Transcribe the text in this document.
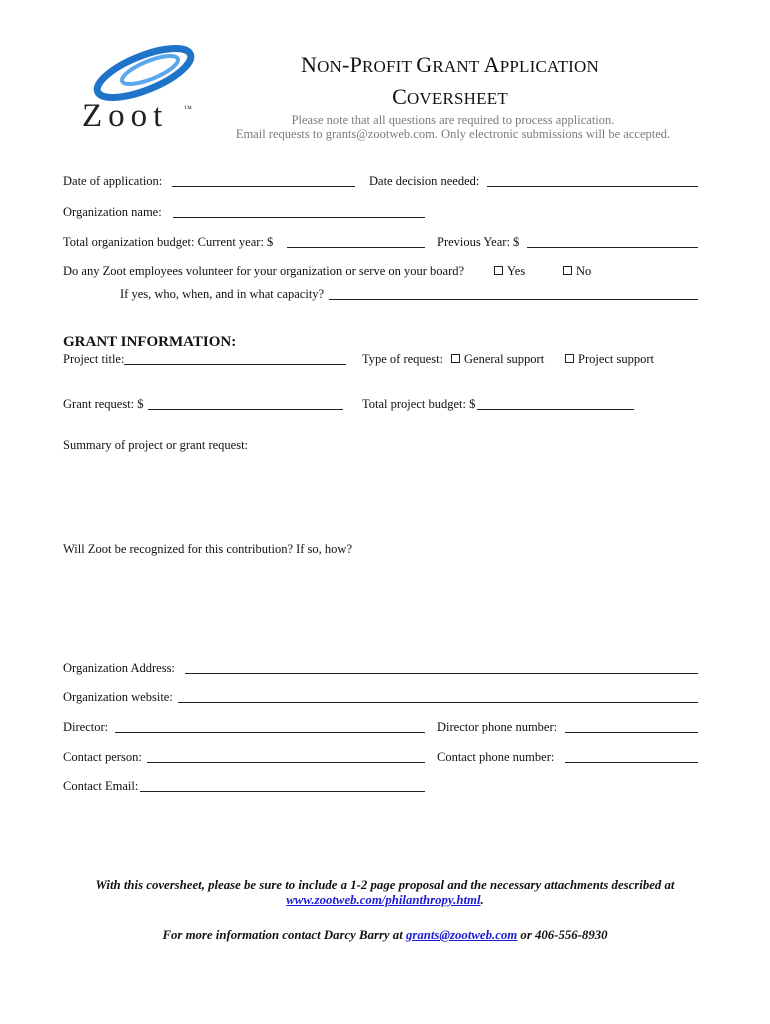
Zoot ™
NON-PROFIT GRANT APPLICATION
COVERSHEET
Please note that all questions are required to process application.
Email requests to grants@zootweb.com. Only electronic submissions will be accepted.
Date of application:	Date decision needed:
Organization name:
Total organization budget: Current year: $	Previous Year: $
Do any Zoot employees volunteer for your organization or serve on your board?	Yes	No
If yes, who, when, and in what capacity?
GRANT INFORMATION:
Project title:	Type of request:	General support	Project support
Grant request: $	Total project budget: $
Summary of project or grant request:
Will Zoot be recognized for this contribution? If so, how?
Organization Address:
Organization website:
Director:	Director phone number:
Contact person:	Contact phone number:
Contact Email:
With this coversheet, please be sure to include a 1-2 page proposal and the necessary attachments described at
www.zootweb.com/philanthropy.html.
For more information contact Darcy Barry at grants@zootweb.com or 406-556-8930
